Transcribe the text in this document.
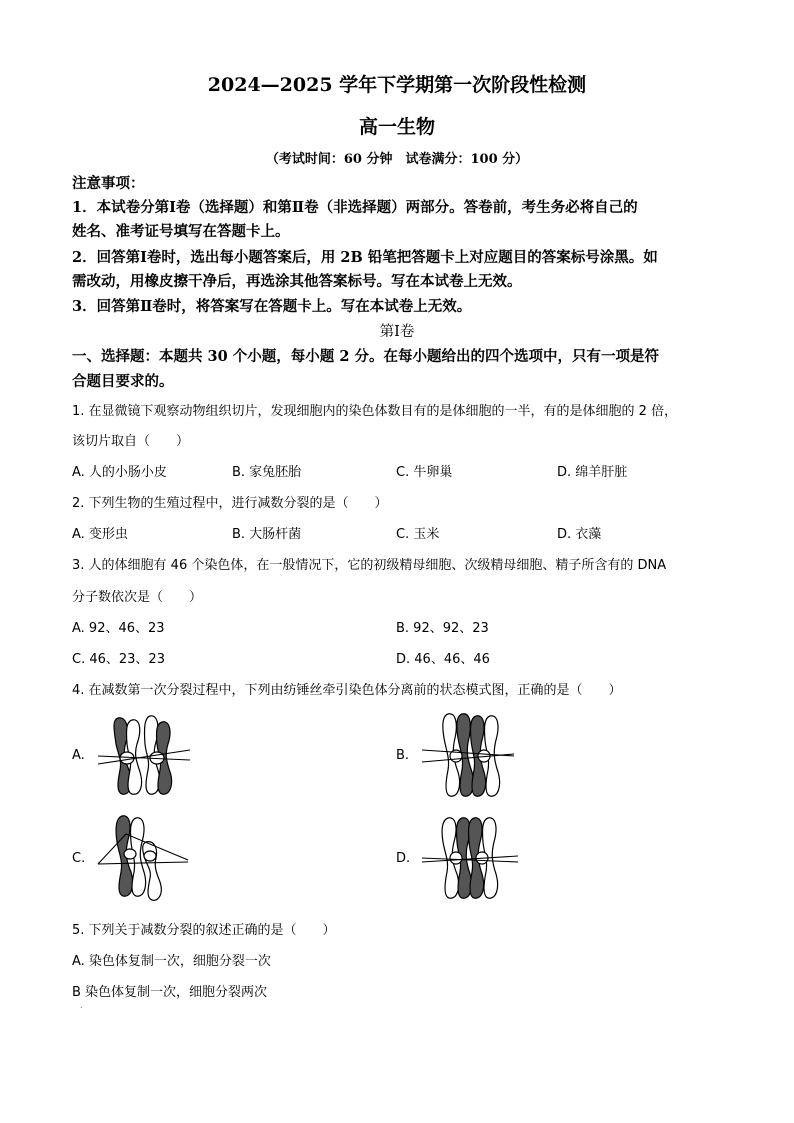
2024—2025 学年下学期第一次阶段性检测
高一生物
（考试时间：60 分钟　试卷满分：100 分）
注意事项：
1．本试卷分第Ⅰ卷（选择题）和第Ⅱ卷（非选择题）两部分。答卷前，考生务必将自己的
姓名、准考证号填写在答题卡上。
2．回答第Ⅰ卷时，选出每小题答案后，用 2B 铅笔把答题卡上对应题目的答案标号涂黑。如
需改动，用橡皮擦干净后，再选涂其他答案标号。写在本试卷上无效。
3．回答第Ⅱ卷时，将答案写在答题卡上。写在本试卷上无效。
第Ⅰ卷
一、选择题：本题共 30 个小题，每小题 2 分。在每小题给出的四个选项中，只有一项是符
合题目要求的。
1. 在显微镜下观察动物组织切片，发现细胞内的染色体数目有的是体细胞的一半，有的是体细胞的 2 倍，
该切片取自（　　）
A. 人的小肠小皮	B. 家兔胚胎	C. 牛卵巢	D. 绵羊肝脏
2. 下列生物的生殖过程中，进行减数分裂的是（　　）
A. 变形虫	B. 大肠杆菌	C. 玉米	D. 衣藻
3. 人的体细胞有 46 个染色体，在一般情况下，它的初级精母细胞、次级精母细胞、精子所含有的 DNA
分子数依次是（　　）
A. 92、46、23	B. 92、92、23
C. 46、23、23	D. 46、46、46
4. 在减数第一次分裂过程中，下列由纺锤丝牵引染色体分离前的状态模式图，正确的是（　　）
A.	B.
C.	D.
5. 下列关于减数分裂的叙述正确的是（　　）
A. 染色体复制一次，细胞分裂一次
B 染色体复制一次，细胞分裂两次
.
